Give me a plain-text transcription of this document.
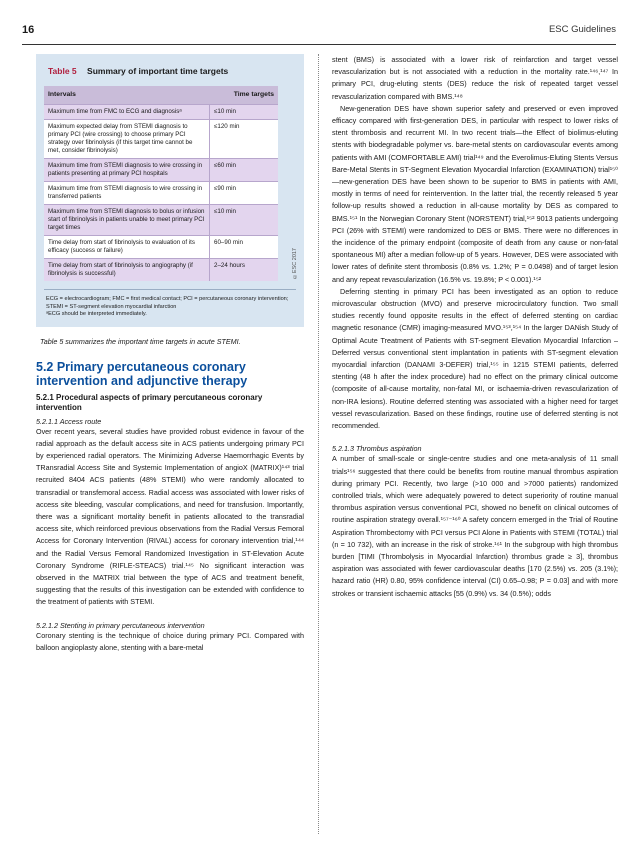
16	ESC Guidelines
Table 5 Summary of important time targets
Intervals	Time targets
Maximum time from FMC to ECG and diagnosisᵃ	≤10 min
Maximum expected delay from STEMI diagnosis to primary PCI (wire crossing) to choose primary PCI strategy over fibrinolysis (if this target time cannot be met, consider fibrinolysis)	≤120 min
Maximum time from STEMI diagnosis to wire crossing in patients presenting at primary PCI hospitals	≤60 min
Maximum time from STEMI diagnosis to wire crossing in transferred patients	≤90 min
Maximum time from STEMI diagnosis to bolus or infusion start of fibrinolysis in patients unable to meet primary PCI target times	≤10 min
Time delay from start of fibrinolysis to evaluation of its efficacy (success or failure)	60–90 min
Time delay from start of fibrinolysis to angiography (if fibrinolysis is successful)	2–24 hours	©ESC 2017
ECG = electrocardiogram; FMC = first medical contact; PCI = percutaneous coronary intervention; STEMI = ST-segment elevation myocardial infarction
ᵃECG should be interpreted immediately.
Table 5 summarizes the important time targets in acute STEMI.
5.2 Primary percutaneous coronary intervention and adjunctive therapy
5.2.1 Procedural aspects of primary percutaneous coronary intervention
5.2.1.1 Access route

Over recent years, several studies have provided robust evidence in favour of the radial approach as the default access site in ACS patients undergoing primary PCI by experienced radial operators. The Minimizing Adverse Haemorrhagic Events by TRansradial Access Site and Systemic Implementation of angioX (MATRIX)¹⁴³ trial recruited 8404 ACS patients (48% STEMI) who were randomly allocated to transradial or transfemoral access. Radial access was associated with lower risks of access site bleeding, vascular complications, and need for transfusion. Importantly, there was a significant mortality benefit in patients allocated to the transradial access site, which reinforced previous observations from the Radial Versus Femoral Access for Coronary Intervention (RIVAL) access for coronary intervention trial,¹⁴⁴ and the Radial Versus Femoral Randomized Investigation in ST-Elevation Acute Coronary Syndrome (RIFLE-STEACS) trial.¹⁴⁵ No significant interaction was observed in the MATRIX trial between the type of ACS and treatment benefit, suggesting that the results of this investigation can be extended with confidence to the treatment of patients with STEMI.

5.2.1.2 Stenting in primary percutaneous intervention

Coronary stenting is the technique of choice during primary PCI. Compared with balloon angioplasty alone, stenting with a bare-metal

stent (BMS) is associated with a lower risk of reinfarction and target vessel revascularization but is not associated with a reduction in the mortality rate.¹⁴⁶,¹⁴⁷ In primary PCI, drug-eluting stents (DES) reduce the risk of repeated target vessel revascularization compared with BMS.¹⁴⁸

New-generation DES have shown superior safety and preserved or even improved efficacy compared with first-generation DES, in particular with respect to lower risks of stent thrombosis and recurrent MI. In two recent trials—the Effect of biolimus-eluting stents with biodegradable polymer vs. bare-metal stents on cardiovascular events among patients with AMI (COMFORTABLE AMI) trial¹⁴⁹ and the Everolimus-Eluting Stents Versus Bare-Metal Stents in ST-Segment Elevation Myocardial Infarction (EXAMINATION) trial¹⁵⁰—new-generation DES have been shown to be superior to BMS in patients with AMI, mostly in terms of need for reintervention. In the latter trial, the recently released 5 year follow-up results showed a reduction in all-cause mortality by DES as compared to BMS.¹⁵¹ In the Norwegian Coronary Stent (NORSTENT) trial,¹⁵² 9013 patients undergoing PCI (26% with STEMI) were randomized to DES or BMS. There were no differences in the incidence of the primary endpoint (composite of death from any cause or non-fatal spontaneous MI) after a median follow-up of 5 years. However, DES were associated with lower rates of definite stent thrombosis (0.8% vs. 1.2%; P = 0.0498) and of target lesion and any repeat revascularization (16.5% vs. 19.8%; P < 0.001).¹⁵²

Deferring stenting in primary PCI has been investigated as an option to reduce microvascular obstruction (MVO) and preserve microcirculatory function. Two small studies recently found opposite results in the effect of deferred stenting on cardiac magnetic resonance (CMR) imaging-measured MVO.¹⁵³,¹⁵⁴ In the larger DANish Study of Optimal Acute Treatment of Patients with ST-segment Elevation Myocardial Infarction – Deferred versus conventional stent implantation in patients with ST-segment elevation myocardial infarction (DANAMI 3-DEFER) trial,¹⁵⁵ in 1215 STEMI patients, deferred stenting (48 h after the index procedure) had no effect on the primary clinical outcome (composite of all-cause mortality, non-fatal MI, or ischaemia-driven revascularization of non-IRA lesions). Routine deferred stenting was associated with a higher need for target vessel revascularization. Based on these findings, routine use of deferred stenting is not recommended.

5.2.1.3 Thrombus aspiration

A number of small-scale or single-centre studies and one meta-analysis of 11 small trials¹⁵⁶ suggested that there could be benefits from routine manual thrombus aspiration during primary PCI. Recently, two large (>10 000 and >7000 patients) randomized controlled trials, which were adequately powered to detect superiority of routine manual thrombus aspiration versus conventional PCI, showed no benefit on clinical outcomes of routine aspiration strategy overall.¹⁵⁷⁻¹⁶⁰ A safety concern emerged in the Trial of Routine Aspiration Thrombectomy with PCI versus PCI Alone in Patients with STEMI (TOTAL) trial (n = 10 732), with an increase in the risk of stroke.¹⁶¹ In the subgroup with high thrombus burden [TIMI (Thrombolysis in Myocardial Infarction) thrombus grade ≥ 3], thrombus aspiration was associated with fewer cardiovascular deaths [170 (2.5%) vs. 205 (3.1%); hazard ratio (HR) 0.80, 95% confidence interval (CI) 0.65–0.98; P = 0.03] and with more strokes or transient ischaemic attacks [55 (0.9%) vs. 34 (0.5%); odds
